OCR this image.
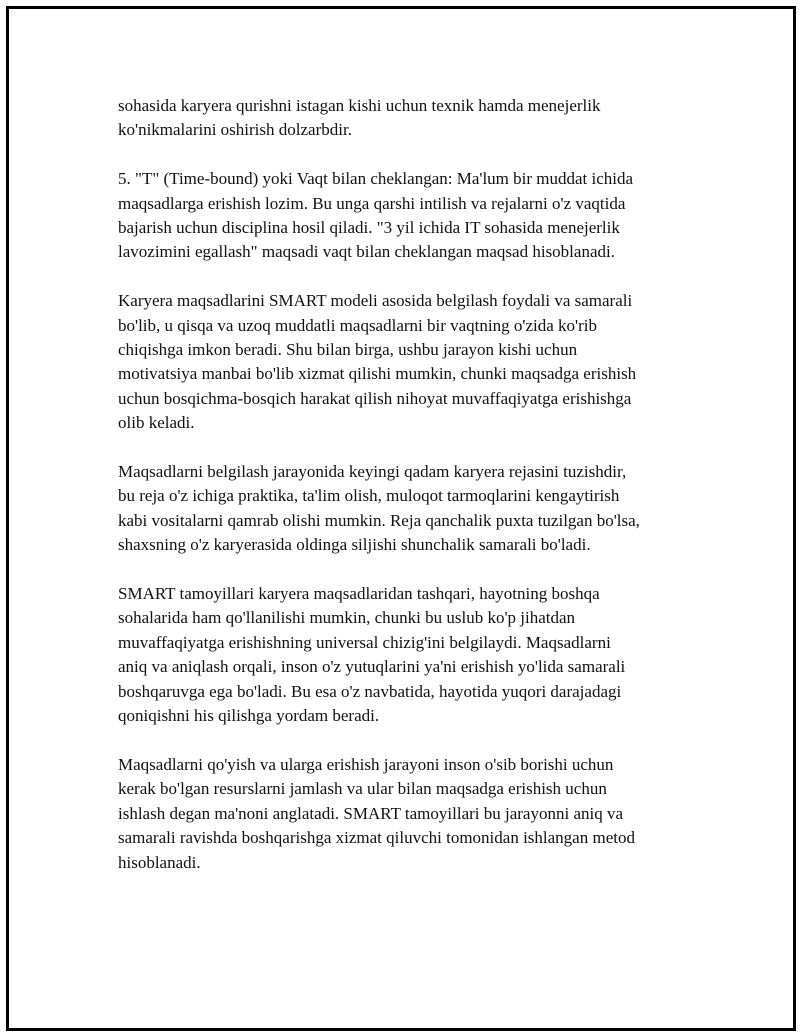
sohasida karyera qurishni istagan kishi uchun texnik hamda menejerlik
ko'nikmalarini oshirish dolzarbdir.

5. "T" (Time-bound) yoki Vaqt bilan cheklangan: Ma'lum bir muddat ichida
maqsadlarga erishish lozim. Bu unga qarshi intilish va rejalarni o'z vaqtida
bajarish uchun disciplina hosil qiladi. "3 yil ichida IT sohasida menejerlik
lavozimini egallash" maqsadi vaqt bilan cheklangan maqsad hisoblanadi.

Karyera maqsadlarini SMART modeli asosida belgilash foydali va samarali
bo'lib, u qisqa va uzoq muddatli maqsadlarni bir vaqtning o'zida ko'rib
chiqishga imkon beradi. Shu bilan birga, ushbu jarayon kishi uchun
motivatsiya manbai bo'lib xizmat qilishi mumkin, chunki maqsadga erishish
uchun bosqichma-bosqich harakat qilish nihoyat muvaffaqiyatga erishishga
olib keladi.

Maqsadlarni belgilash jarayonida keyingi qadam karyera rejasini tuzishdir,
bu reja o'z ichiga praktika, ta'lim olish, muloqot tarmoqlarini kengaytirish
kabi vositalarni qamrab olishi mumkin. Reja qanchalik puxta tuzilgan bo'lsa,
shaxsning o'z karyerasida oldinga siljishi shunchalik samarali bo'ladi.

SMART tamoyillari karyera maqsadlaridan tashqari, hayotning boshqa
sohalarida ham qo'llanilishi mumkin, chunki bu uslub ko'p jihatdan
muvaffaqiyatga erishishning universal chizig'ini belgilaydi. Maqsadlarni
aniq va aniqlash orqali, inson o'z yutuqlarini ya'ni erishish yo'lida samarali
boshqaruvga ega bo'ladi. Bu esa o'z navbatida, hayotida yuqori darajadagi
qoniqishni his qilishga yordam beradi.

Maqsadlarni qo'yish va ularga erishish jarayoni inson o'sib borishi uchun
kerak bo'lgan resurslarni jamlash va ular bilan maqsadga erishish uchun
ishlash degan ma'noni anglatadi. SMART tamoyillari bu jarayonni aniq va
samarali ravishda boshqarishga xizmat qiluvchi tomonidan ishlangan metod
hisoblanadi.
